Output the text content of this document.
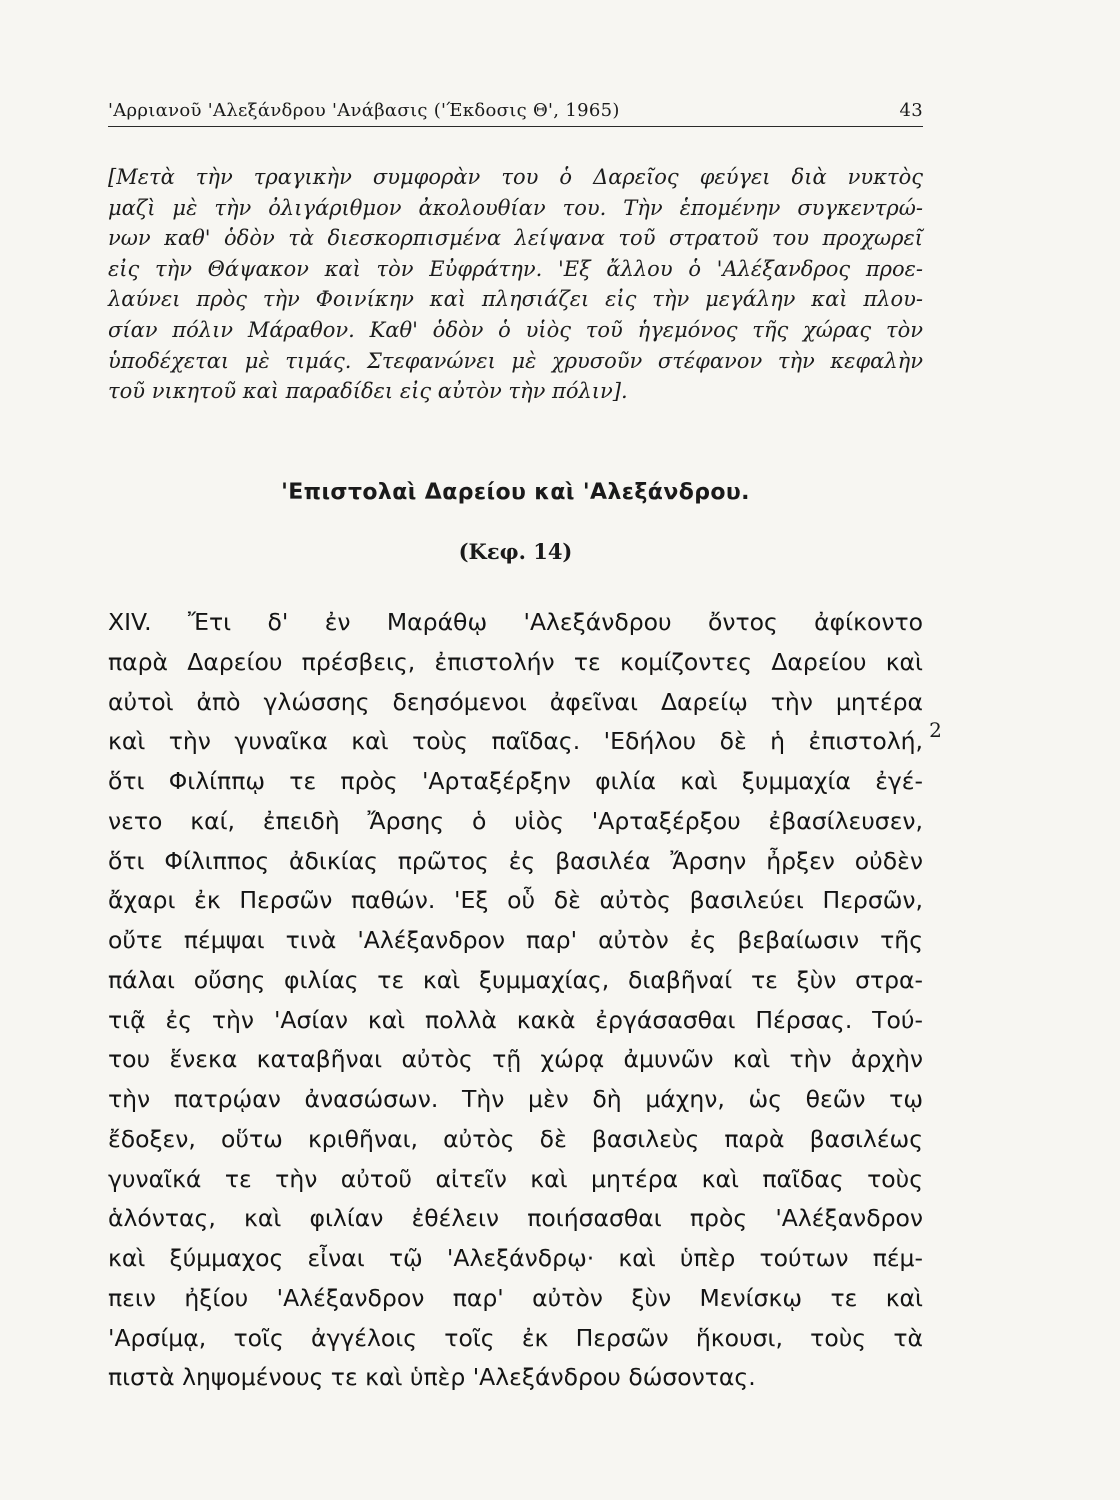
'Αρριανοῦ 'Αλεξάνδρου 'Ανάβασις ('Έκδοσις Θ', 1965)	43
[Μετὰ τὴν τραγικὴν συμφορὰν του ὁ Δαρεῖος φεύγει διὰ νυκτὸς
μαζὶ μὲ τὴν ὀλιγάριθμον ἀκολουθίαν του. Τὴν ἑπομένην συγκεντρώ-
νων καθ' ὁδὸν τὰ διεσκορπισμένα λείψανα τοῦ στρατοῦ του προχωρεῖ
εἰς τὴν Θάψακον καὶ τὸν Εὐφράτην. 'Εξ ἄλλου ὁ 'Αλέξανδρος προε-
λαύνει πρὸς τὴν Φοινίκην καὶ πλησιάζει εἰς τὴν μεγάλην καὶ πλου-
σίαν πόλιν Μάραθον. Καθ' ὁδὸν ὁ υἱὸς τοῦ ἡγεμόνος τῆς χώρας τὸν
ὑποδέχεται μὲ τιμάς. Στεφανώνει μὲ χρυσοῦν στέφανον τὴν κεφαλὴν
τοῦ νικητοῦ καὶ παραδίδει εἰς αὐτὸν τὴν πόλιν].
'Επιστολαὶ Δαρείου καὶ 'Αλεξάνδρου.
(Κεφ. 14)
XIV. Ἔτι δ' ἐν Μαράθῳ 'Αλεξάνδρου ὄντος ἀφίκοντο
παρὰ Δαρείου πρέσβεις, ἐπιστολήν τε κομίζοντες Δαρείου καὶ
αὐτοὶ ἀπὸ γλώσσης δεησόμενοι ἀφεῖναι Δαρείῳ τὴν μητέρα
καὶ τὴν γυναῖκα καὶ τοὺς παῖδας. 'Εδήλου δὲ ἡ ἐπιστολή,
ὅτι Φιλίππῳ τε πρὸς 'Αρταξέρξην φιλία καὶ ξυμμαχία ἐγέ-
νετο καί, ἐπειδὴ Ἄρσης ὁ υἱὸς 'Αρταξέρξου ἐβασίλευσεν,
ὅτι Φίλιππος ἀδικίας πρῶτος ἐς βασιλέα Ἄρσην ἦρξεν οὐδὲν
ἄχαρι ἐκ Περσῶν παθών. 'Εξ οὗ δὲ αὐτὸς βασιλεύει Περσῶν,
οὔτε πέμψαι τινὰ 'Αλέξανδρον παρ' αὐτὸν ἐς βεβαίωσιν τῆς
πάλαι οὔσης φιλίας τε καὶ ξυμμαχίας, διαβῆναί τε ξὺν στρα-
τιᾷ ἐς τὴν 'Ασίαν καὶ πολλὰ κακὰ ἐργάσασθαι Πέρσας. Τού-
του ἕνεκα καταβῆναι αὐτὸς τῇ χώρᾳ ἀμυνῶν καὶ τὴν ἀρχὴν
τὴν πατρῴαν ἀνασώσων. Τὴν μὲν δὴ μάχην, ὡς θεῶν τῳ
ἔδοξεν, οὕτω κριθῆναι, αὐτὸς δὲ βασιλεὺς παρὰ βασιλέως
γυναῖκά τε τὴν αὐτοῦ αἰτεῖν καὶ μητέρα καὶ παῖδας τοὺς
ἁλόντας, καὶ φιλίαν ἐθέλειν ποιήσασθαι πρὸς 'Αλέξανδρον
καὶ ξύμμαχος εἶναι τῷ 'Αλεξάνδρῳ· καὶ ὑπὲρ τούτων πέμ-
πειν ἠξίου 'Αλέξανδρον παρ' αὐτὸν ξὺν Μενίσκῳ τε καὶ
'Αρσίμᾳ, τοῖς ἀγγέλοις τοῖς ἐκ Περσῶν ἥκουσι, τοὺς τὰ
πιστὰ ληψομένους τε καὶ ὑπὲρ 'Αλεξάνδρου δώσοντας.
2
